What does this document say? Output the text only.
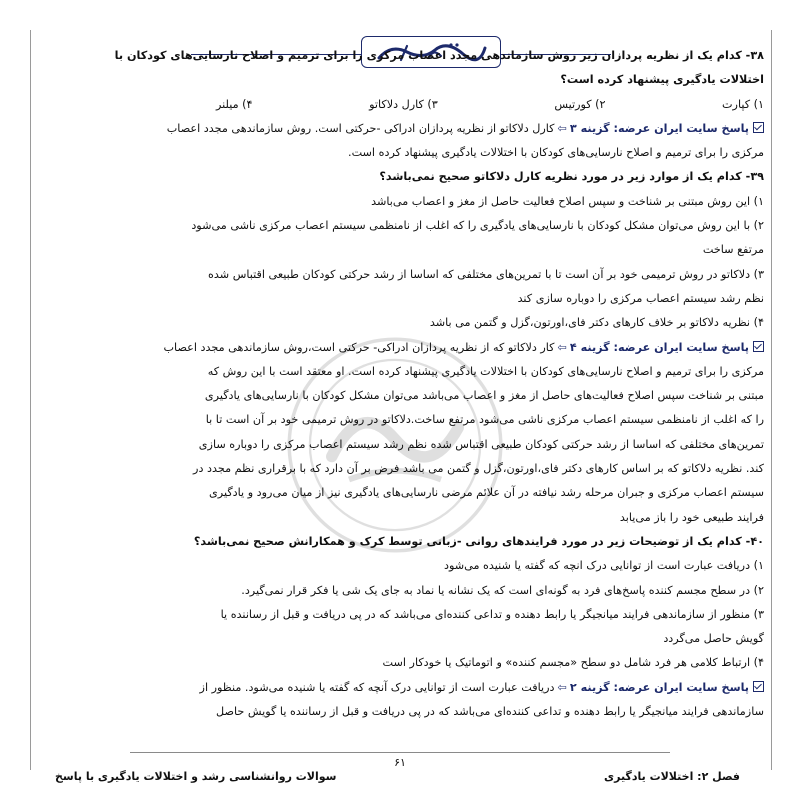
۳۸- کدام یک از نظریه پردازان زیر روش سازماندهی مجدد اعصاب مرکزی را برای ترمیم و اصلاح نارسایی‌های کودکان با
اختلالات یادگیری پیشنهاد کرده است؟
۱) کپارت
۲) کورتیس
۳) کارل دلاکاتو
۴) میلنر
پاسخ سایت ایران عرضه: گزینه ۳⇦کارل دلاکاتو از نظریه پردازان ادراکی -حرکتی است. روش سازماندهی مجدد اعصاب
مرکزی را برای ترمیم و اصلاح نارسایی‌های کودکان با اختلالات یادگیری پیشنهاد کرده است.
۳۹- کدام یک از موارد زیر در مورد نظریه کارل دلاکاتو صحیح نمی‌باشد؟
۱) این روش مبتنی بر شناخت و سپس اصلاح فعالیت حاصل از مغز و اعصاب می‌باشد
۲) با این روش می‌توان مشکل کودکان با نارسایی‌های یادگیری را که اغلب از نامنظمی سیستم اعصاب مرکزی ناشی می‌شود
مرتفع ساخت
۳) دلاکاتو در روش ترمیمی خود بر آن است تا با تمرین‌های مختلفی که اساسا از رشد حرکتی کودکان طبیعی اقتباس شده
نظم رشد سیستم اعصاب مرکزی را دوباره سازی کند
۴) نظریه دلاکاتو بر خلاف کارهای دکتر فای،اورتون،گزل و گتمن می باشد
پاسخ سایت ایران عرضه: گزینه ۴⇦کار دلاکاتو که از نظریه پردازان ادراکی- حرکتی است،روش سازماندهی مجدد اعصاب
مرکزی را برای ترمیم و اصلاح نارسایی‌های کودکان با اختلالات یادگیری پیشنهاد کرده است. او معتقد است با این روش که
مبتنی بر شناخت سپس اصلاح فعالیت‌های حاصل از مغز و اعصاب می‌باشد می‌توان مشکل کودکان با نارسایی‌های یادگیری
را که اغلب از نامنظمی سیستم اعصاب مرکزی ناشی می‌شود مرتفع ساخت.دلاکاتو در روش ترمیمی خود بر آن است تا با
تمرین‌های مختلفی که اساسا از رشد حرکتی کودکان طبیعی اقتباس شده نظم رشد سیستم اعصاب مرکزی را دوباره سازی
کند. نظریه دلاکاتو که بر اساس کارهای دکتر فای،اورتون،گزل و گتمن می باشد فرض بر آن دارد که با برقراری نظم مجدد در
سیستم اعصاب مرکزی و جبران مرحله رشد نیافته در آن علائم مرضی نارسایی‌های یادگیری نیز از میان می‌رود و یادگیری
فرایند طبیعی خود را باز می‌یابد
۴۰- کدام یک از توضیحات زیر در مورد فرایندهای روانی -زبانی توسط کرک و همکارانش صحیح نمی‌باشد؟
۱) دریافت عبارت است از توانایی درک انچه که گفته یا شنیده می‌شود
۲) در سطح مجسم کننده پاسخ‌های فرد به گونه‌ای است که یک نشانه یا نماد به جای یک شی یا فکر قرار نمی‌گیرد.
۳) منظور از سازماندهی فرایند میانجیگر یا رابط دهنده و تداعی کننده‌ای می‌باشد که در پی دریافت و قبل از رساننده یا
گویش حاصل می‌گردد
۴) ارتباط کلامی هر فرد شامل دو سطح «مجسم کننده» و اتوماتیک یا خودکار است
پاسخ سایت ایران عرضه: گزینه ۲⇦دریافت عبارت است از توانایی درک آنچه که گفته یا شنیده می‌شود. منظور از
سازماندهی فرایند میانجیگر یا رابط دهنده و تداعی کننده‌ای می‌باشد که در پی دریافت و قبل از رساننده یا گویش حاصل
۶۱
فصل ۲: اختلالات یادگیری
سوالات روانشناسی رشد و اختلالات یادگیری با پاسخ
